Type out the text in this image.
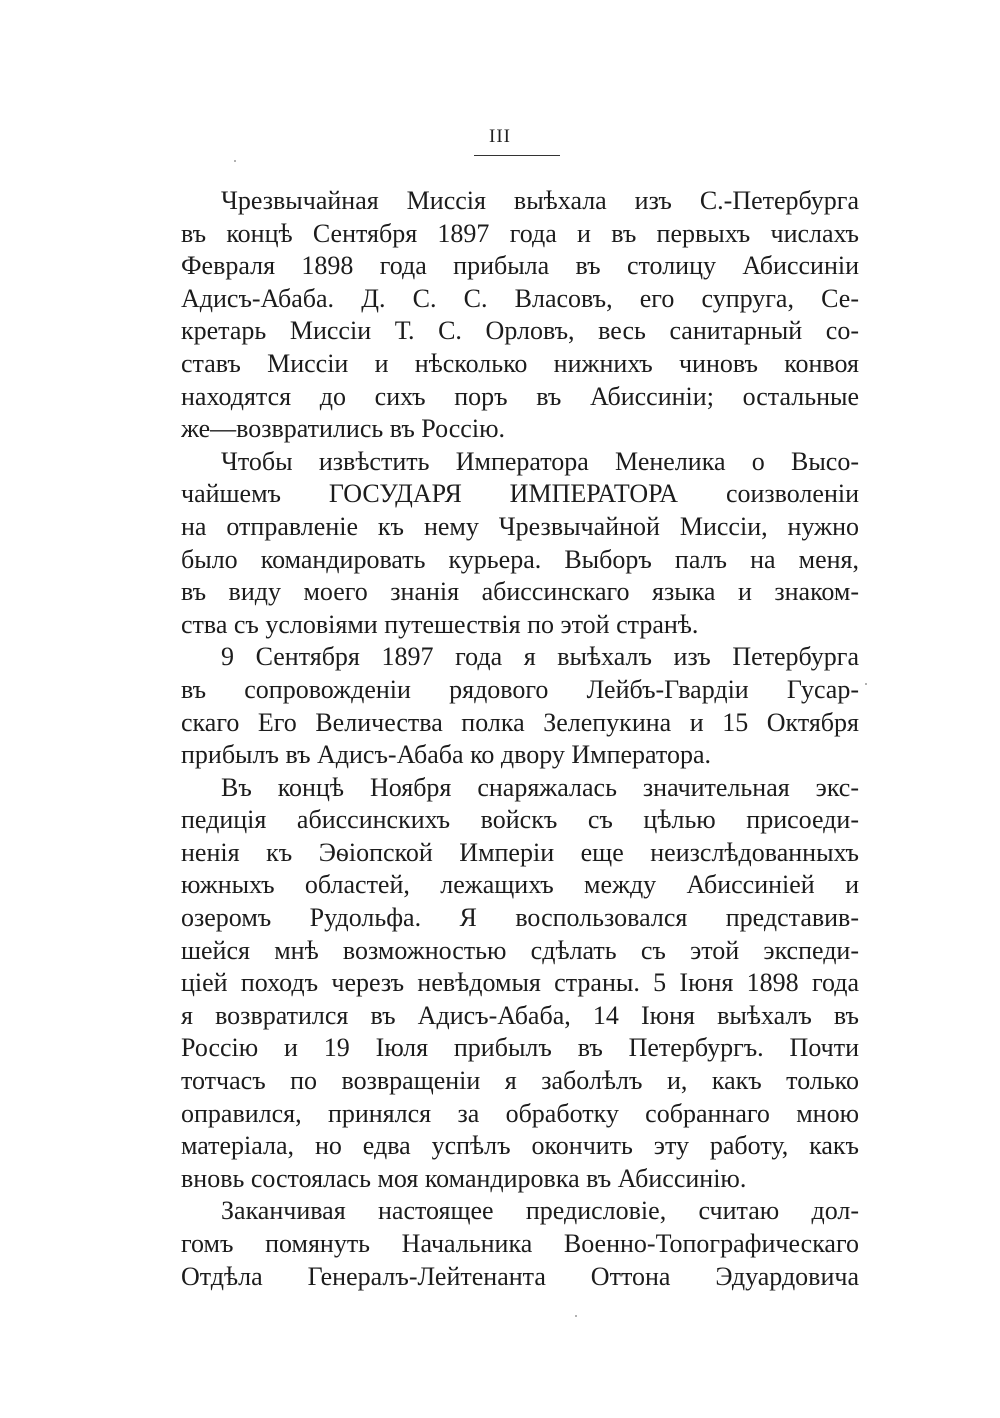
III
Чрезвычайная Миссія выѣхала изъ С.-Петербурга
въ концѣ Сентября 1897 года и въ первыхъ числахъ
Февраля 1898 года прибыла въ столицу Абиссиніи
Адисъ-Абаба. Д. С. С. Власовъ, его супруга, Се-
кретарь Миссіи Т. С. Орловъ, весь санитарный со-
ставъ Миссіи и нѣсколько нижнихъ чиновъ конвоя
находятся до сихъ поръ въ Абиссиніи; остальные
же—возвратились въ Россію.
Чтобы извѣстить Императора Менелика о Высо-
чайшемъ ГОСУДАРЯ ИМПЕРАТОРА соизволеніи
на отправленіе къ нему Чрезвычайной Миссіи, нужно
было командировать курьера. Выборъ палъ на меня,
въ виду моего знанія абиссинскаго языка и знаком-
ства съ условіями путешествія по этой странѣ.
9 Сентября 1897 года я выѣхалъ изъ Петербурга
въ сопровожденіи рядового Лейбъ-Гвардіи Гусар-
скаго Его Величества полка Зелепукина и 15 Октября
прибылъ въ Адисъ-Абаба ко двору Императора.
Въ концѣ Ноября снаряжалась значительная экс-
педиція абиссинскихъ войскъ съ цѣлью присоеди-
ненія къ Эѳіопской Имперіи еще неизслѣдованныхъ
южныхъ областей, лежащихъ между Абиссиніей и
озеромъ Рудольфа. Я воспользовался представив-
шейся мнѣ возможностью сдѣлать съ этой экспеди-
ціей походъ черезъ невѣдомыя страны. 5 Іюня 1898 года
я возвратился въ Адисъ-Абаба, 14 Іюня выѣхалъ въ
Россію и 19 Іюля прибылъ въ Петербургъ. Почти
тотчасъ по возвращеніи я заболѣлъ и, какъ только
оправился, принялся за обработку собраннаго мною
матеріала, но едва успѣлъ окончить эту работу, какъ
вновь состоялась моя командировка въ Абиссинію.
Заканчивая настоящее предисловіе, считаю дол-
гомъ помянуть Начальника Военно-Топографическаго
Отдѣла Генералъ-Лейтенанта Оттона Эдуардовича
